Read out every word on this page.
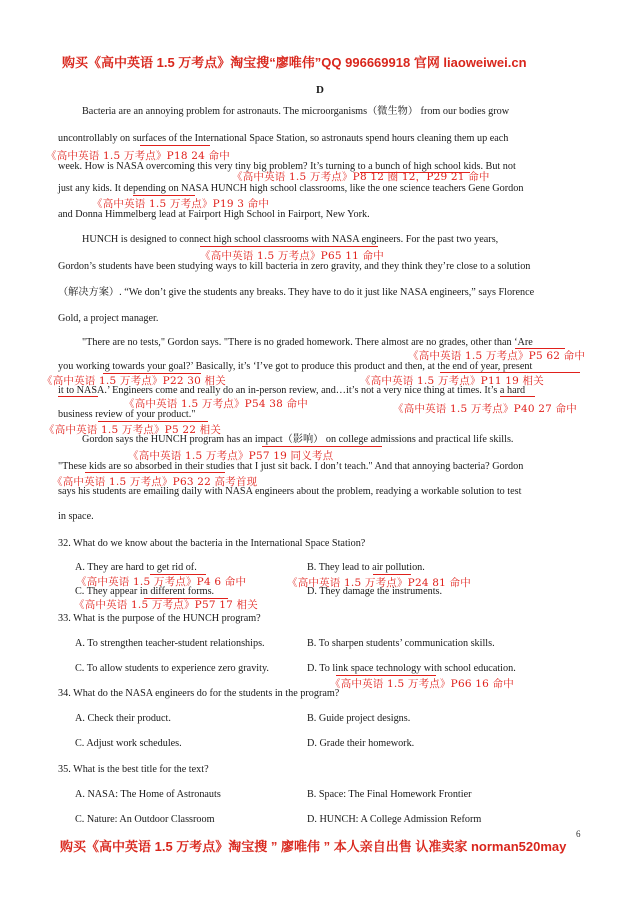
购买《高中英语 1.5 万考点》淘宝搜“廖唯伟”QQ 996669918 官网 liaoweiwei.cn
D
Bacteria are an annoying problem for astronauts. The microorganisms（微生物） from our bodies grow
uncontrollably on surfaces of the International Space Station, so astronauts spend hours cleaning them up each
week. How is NASA overcoming this very tiny big problem? It’s turning to a bunch of high school kids. But not
just any kids. It depending on NASA HUNCH high school classrooms, like the one science teachers Gene Gordon
and Donna Himmelberg lead at Fairport High School in Fairport, New York.
HUNCH is designed to connect high school classrooms with NASA engineers. For the past two years,
Gordon’s students have been studying ways to kill bacteria in zero gravity, and they think they’re close to a solution
（解决方案）. “We don’t give the students any breaks. They have to do it just like NASA engineers,” says Florence
Gold, a project manager.
"There are no tests," Gordon says. "There is no graded homework. There almost are no grades, other than ‘Are
you working towards your goal?’ Basically, it’s ‘I’ve got to produce this product and then, at the end of year, present
it to NASA.’ Engineers come and really do an in-person review, and…it’s not a very nice thing at times. It’s a hard
business review of your product."
Gordon says the HUNCH program has an impact（影响） on college admissions and practical life skills.
"These kids are so absorbed in their studies that I just sit back. I don’t teach." And that annoying bacteria? Gordon
says his students are emailing daily with NASA engineers about the problem, readying a workable solution to test
in space.
《高中英语 1.5 万考点》P18 24 命中
《高中英语 1.5 万考点》P8 12 圈 12，P29 21 命中
《高中英语 1.5 万考点》P19 3 命中
《高中英语 1.5 万考点》P65 11 命中
《高中英语 1.5 万考点》P5 62 命中
《高中英语 1.5 万考点》P22 30 相关	《高中英语 1.5 万考点》P11 19 相关
《高中英语 1.5 万考点》P54 38 命中	《高中英语 1.5 万考点》P40 27 命中
《高中英语 1.5 万考点》P5 22 相关
《高中英语 1.5 万考点》P57 19 同义考点
《高中英语 1.5 万考点》P63 22 高考首现
32. What do we know about the bacteria in the International Space Station?
A. They are hard to get rid of.	B. They lead to air pollution.
《高中英语 1.5 万考点》P4 6 命中	《高中英语 1.5 万考点》P24 81 命中
C. They appear in different forms.	D. They damage the instruments.
《高中英语 1.5 万考点》P57 17 相关
33. What is the purpose of the HUNCH program?
A. To strengthen teacher-student relationships.	B. To sharpen students’ communication skills.
C. To allow students to experience zero gravity.	D. To link space technology with school education.
《高中英语 1.5 万考点》P66 16 命中
34. What do the NASA engineers do for the students in the program?
A. Check their product.	B. Guide project designs.
C. Adjust work schedules.	D. Grade their homework.
35. What is the best title for the text?
A. NASA: The Home of Astronauts	B. Space: The Final Homework Frontier
C. Nature: An Outdoor Classroom	D. HUNCH: A College Admission Reform
6
购买《高中英语 1.5 万考点》淘宝搜 ” 廖唯伟 ” 本人亲自出售 认准卖家 norman520may
